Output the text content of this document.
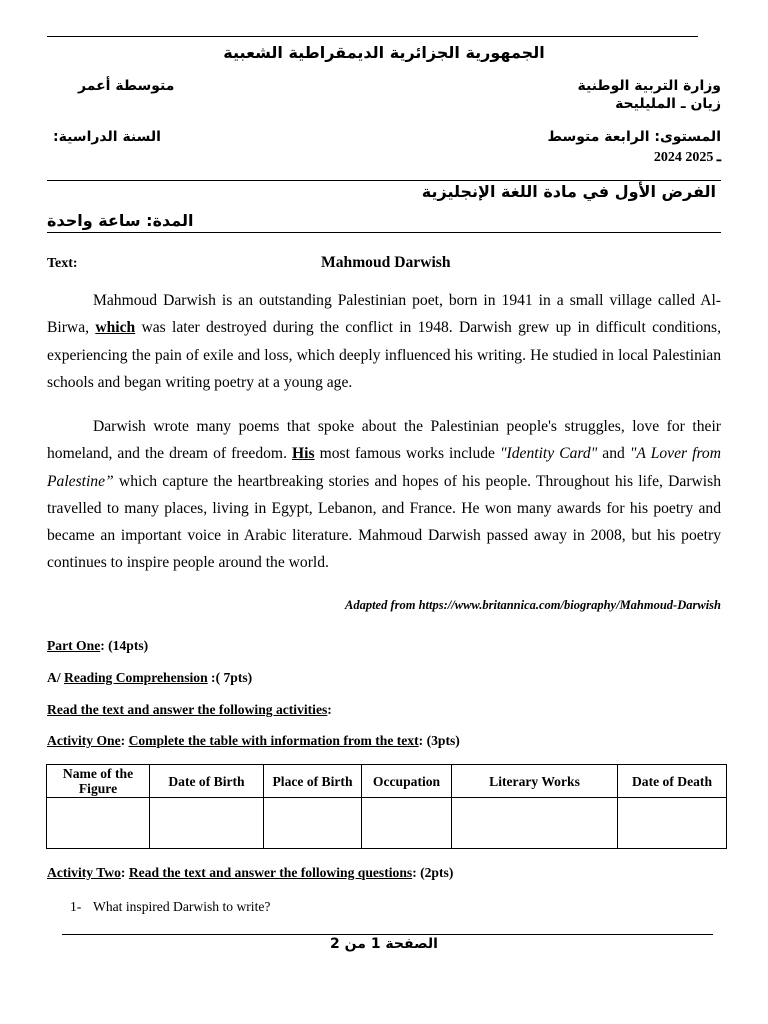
الجمهورية الجزائرية الديمقراطية الشعبية
وزارة التربية الوطنية
زيان ـ المليليحة
متوسطة أعمر
المستوى: الرابعة متوسط
2024 ـ 2025
السنة الدراسية:
الفرض الأول في مادة اللغة الإنجليزية
المدة: ساعة واحدة
Text:	Mahmoud Darwish
Mahmoud Darwish is an outstanding Palestinian poet, born in 1941 in a small village called Al-Birwa, which was later destroyed during the conflict in 1948. Darwish grew up in difficult conditions, experiencing the pain of exile and loss, which deeply influenced his writing. He studied in local Palestinian schools and began writing poetry at a young age.
Darwish wrote many poems that spoke about the Palestinian people's struggles, love for their homeland, and the dream of freedom. His most famous works include "Identity Card" and "A Lover from Palestine” which capture the heartbreaking stories and hopes of his people. Throughout his life, Darwish travelled to many places, living in Egypt, Lebanon, and France. He won many awards for his poetry and became an important voice in Arabic literature. Mahmoud Darwish passed away in 2008, but his poetry continues to inspire people around the world.
Adapted from https://www.britannica.com/biography/Mahmoud-Darwish
Part One: (14pts)
A/ Reading Comprehension :( 7pts)
Read the text and answer the following activities:
Activity One: Complete the table with information from the text: (3pts)
Name of the Figure	Date of Birth	Place of Birth	Occupation	Literary Works	Date of Death

Activity Two: Read the text and answer the following questions: (2pts)
1- What inspired Darwish to write?
الصفحة 1 من 2
